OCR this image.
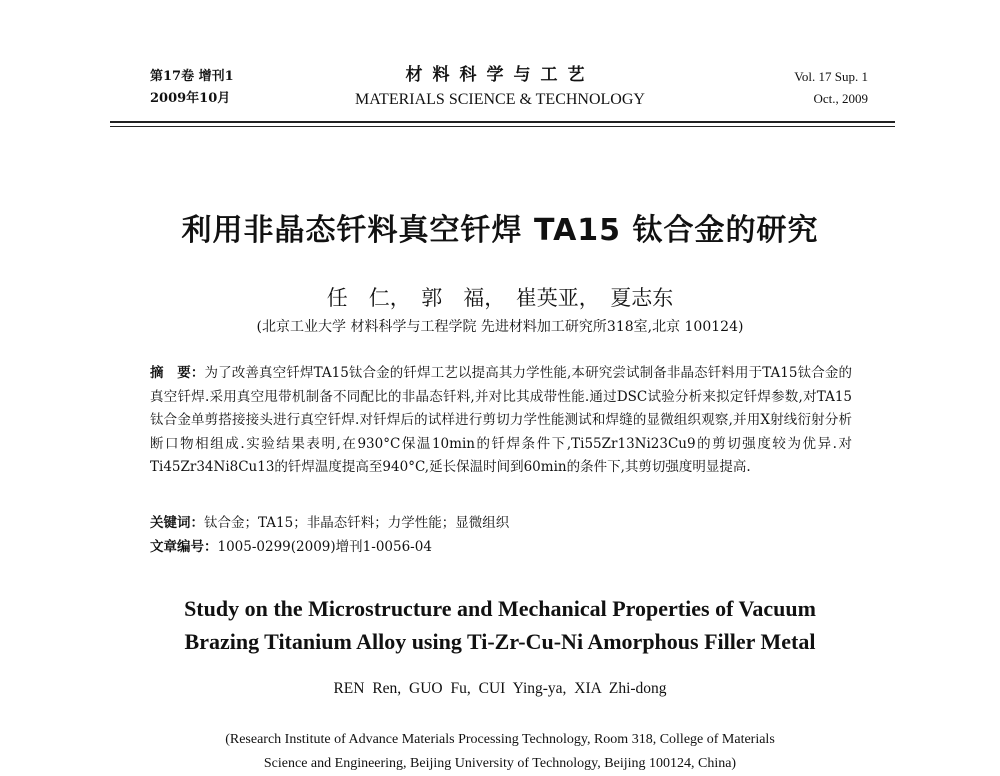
第17卷 增刊1
2009年10月
材料科学与工艺
MATERIALS SCIENCE & TECHNOLOGY
Vol. 17 Sup. 1
Oct., 2009
利用非晶态钎料真空钎焊 TA15 钛合金的研究
任　仁，　郭　福，　崔英亚，　夏志东
(北京工业大学 材料科学与工程学院 先进材料加工研究所318室,北京 100124)
摘　要：为了改善真空钎焊TA15钛合金的钎焊工艺以提高其力学性能,本研究尝试制备非晶态钎料用于TA15钛合金的真空钎焊.采用真空甩带机制备不同配比的非晶态钎料,并对比其成带性能.通过DSC试验分析来拟定钎焊参数,对TA15钛合金单剪搭接接头进行真空钎焊.对钎焊后的试样进行剪切力学性能测试和焊缝的显微组织观察,并用X射线衍射分析断口物相组成.实验结果表明,在930°C保温10min的钎焊条件下,Ti55Zr13Ni23Cu9的剪切强度较为优异.对Ti45Zr34Ni8Cu13的钎焊温度提高至940°C,延长保温时间到60min的条件下,其剪切强度明显提高.
关键词：钛合金；TA15；非晶态钎料；力学性能；显微组织
文章编号：1005-0299(2009)增刊1-0056-04
Study on the Microstructure and Mechanical Properties of Vacuum
Brazing Titanium Alloy using Ti-Zr-Cu-Ni Amorphous Filler Metal
REN Ren, GUO Fu, CUI Ying-ya, XIA Zhi-dong
(Research Institute of Advance Materials Processing Technology, Room 318, College of Materials
Science and Engineering, Beijing University of Technology, Beijing 100124, China)
